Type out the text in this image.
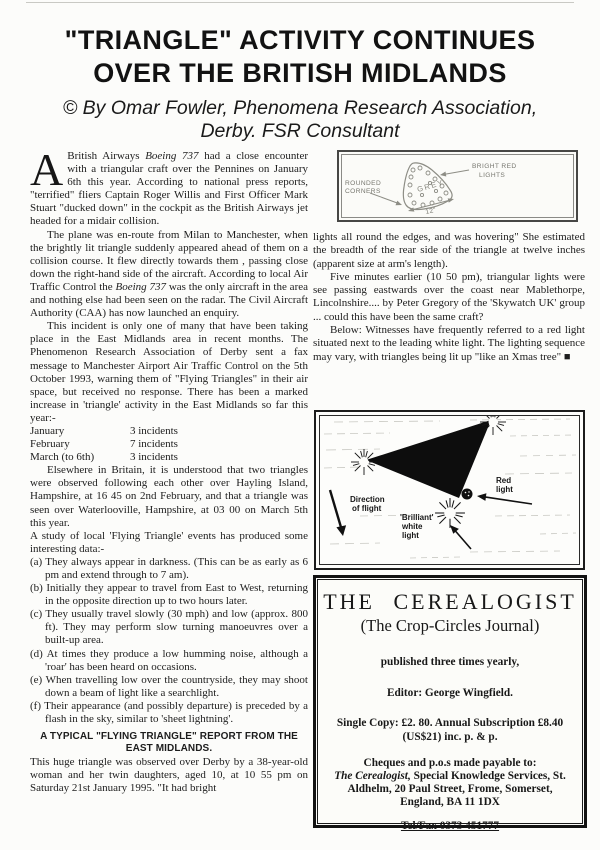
"TRIANGLE" ACTIVITY CONTINUES
OVER THE BRITISH MIDLANDS
© By Omar Fowler, Phenomena Research Association,
Derby. FSR Consultant

A British Airways Boeing 737 had a close encounter with a triangular craft over the Pennines on January 6th this year. According to national press reports, "terrified" fliers Captain Roger Willis and First Officer Mark Stuart "ducked down" in the cockpit as the British Airways jet headed for a midair collision.

The plane was en-route from Milan to Manchester, when the brightly lit triangle suddenly appeared ahead of them on a collision course. It flew directly towards them , passing close down the right-hand side of the aircraft. According to local Air Traffic Control the Boeing 737 was the only aircraft in the area and nothing else had been seen on the radar. The Civil Aircraft Authority (CAA) has now launched an enquiry.

This incident is only one of many that have been taking place in the East Midlands area in recent months. The Phenomenon Research Association of Derby sent a fax message to Manchester Airport Air Traffic Control on the 5th October 1993, warning them of "Flying Triangles" in their air space, but received no response. There has been a marked increase in 'triangle' activity in the East Midlands so far this year:-

January	3 incidents
February	7 incidents
March (to 6th)	3 incidents

Elsewhere in Britain, it is understood that two triangles were observed following each other over Hayling Island, Hampshire, at 16 45 on 2nd February, and that a triangle was seen over Waterlooville, Hampshire, at 03 00 on March 5th this year.

A study of local 'Flying Triangle' events has produced some interesting data:-

(a) They always appear in darkness. (This can be as early as 6 pm and extend through to 7 am).

(b) Initially they appear to travel from East to West, returning in the opposite direction up to two hours later.

(c) They usually travel slowly (30 mph) and low (approx. 800 ft). They may perform slow turning manoeuvres over a built-up area.

(d) At times they produce a low humming noise, although a 'roar' has been heard on occasions.

(e) When travelling low over the countryside, they may shoot down a beam of light like a searchlight.

(f) Their appearance (and possibly departure) is preceded by a flash in the sky, similar to 'sheet lightning'.

A TYPICAL "FLYING TRIANGLE" REPORT FROM THE EAST MIDLANDS.

This huge triangle was observed over Derby by a 38-year-old woman and her twin daughters, aged 10, at 10 55 pm on Saturday 21st January 1995. "It had bright

GREY
ROUNDED
CORNERS
BRIGHT RED
LIGHTS
12"

lights all round the edges, and was hovering" She estimated the breadth of the rear side of the triangle at twelve inches (apparent size at arm's length).

Five minutes earlier (10 50 pm), triangular lights were see passing eastwards over the coast near Mablethorpe, Lincolnshire.... by Peter Gregory of the 'Skywatch UK' group ... could this have been the same craft?

Below: Witnesses have frequently referred to a red light situated next to the leading white light. The lighting sequence may vary, with triangles being lit up "like an Xmas tree" ■

Direction
of flight
Red
light
'Brilliant'
white
light
THE CEREALOGIST
(The Crop-Circles Journal)
published three times yearly,
Editor: George Wingfield.
Single Copy: £2. 80. Annual Subscription £8.40
(US$21) inc. p. & p.
Cheques and p.o.s made payable to:
The Cerealogist, Special Knowledge Services, St.
Aldhelm, 20 Paul Street, Frome, Somerset,
England, BA 11 1DX
Tel/Fax 0373 451777
